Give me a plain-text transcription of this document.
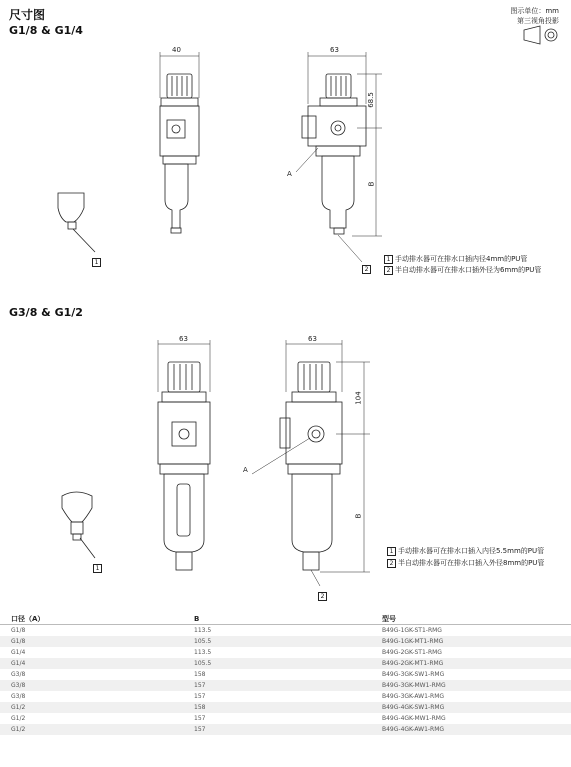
尺寸图
G1/8 & G1/4
图示单位：mm
第三视角投影
40	63
68.5
B
A
1
2
1 手动排水器可在排水口插内径4mm的PU管
2 半自动排水器可在排水口插外径为6mm的PU管
G3/8 & G1/2
63	63
104
B
A
1
2
1 手动排水器可在排水口插入内径5.5mm的PU管
2 半自动排水器可在排水口插入外径8mm的PU管
口径（A）	B	型号
G1/8	113.5	B49G-1GK-ST1-RMG
G1/8	105.5	B49G-1GK-MT1-RMG
G1/4	113.5	B49G-2GK-ST1-RMG
G1/4	105.5	B49G-2GK-MT1-RMG
G3/8	158	B49G-3GK-SW1-RMG
G3/8	157	B49G-3GK-MW1-RMG
G3/8	157	B49G-3GK-AW1-RMG
G1/2	158	B49G-4GK-SW1-RMG
G1/2	157	B49G-4GK-MW1-RMG
G1/2	157	B49G-4GK-AW1-RMG
